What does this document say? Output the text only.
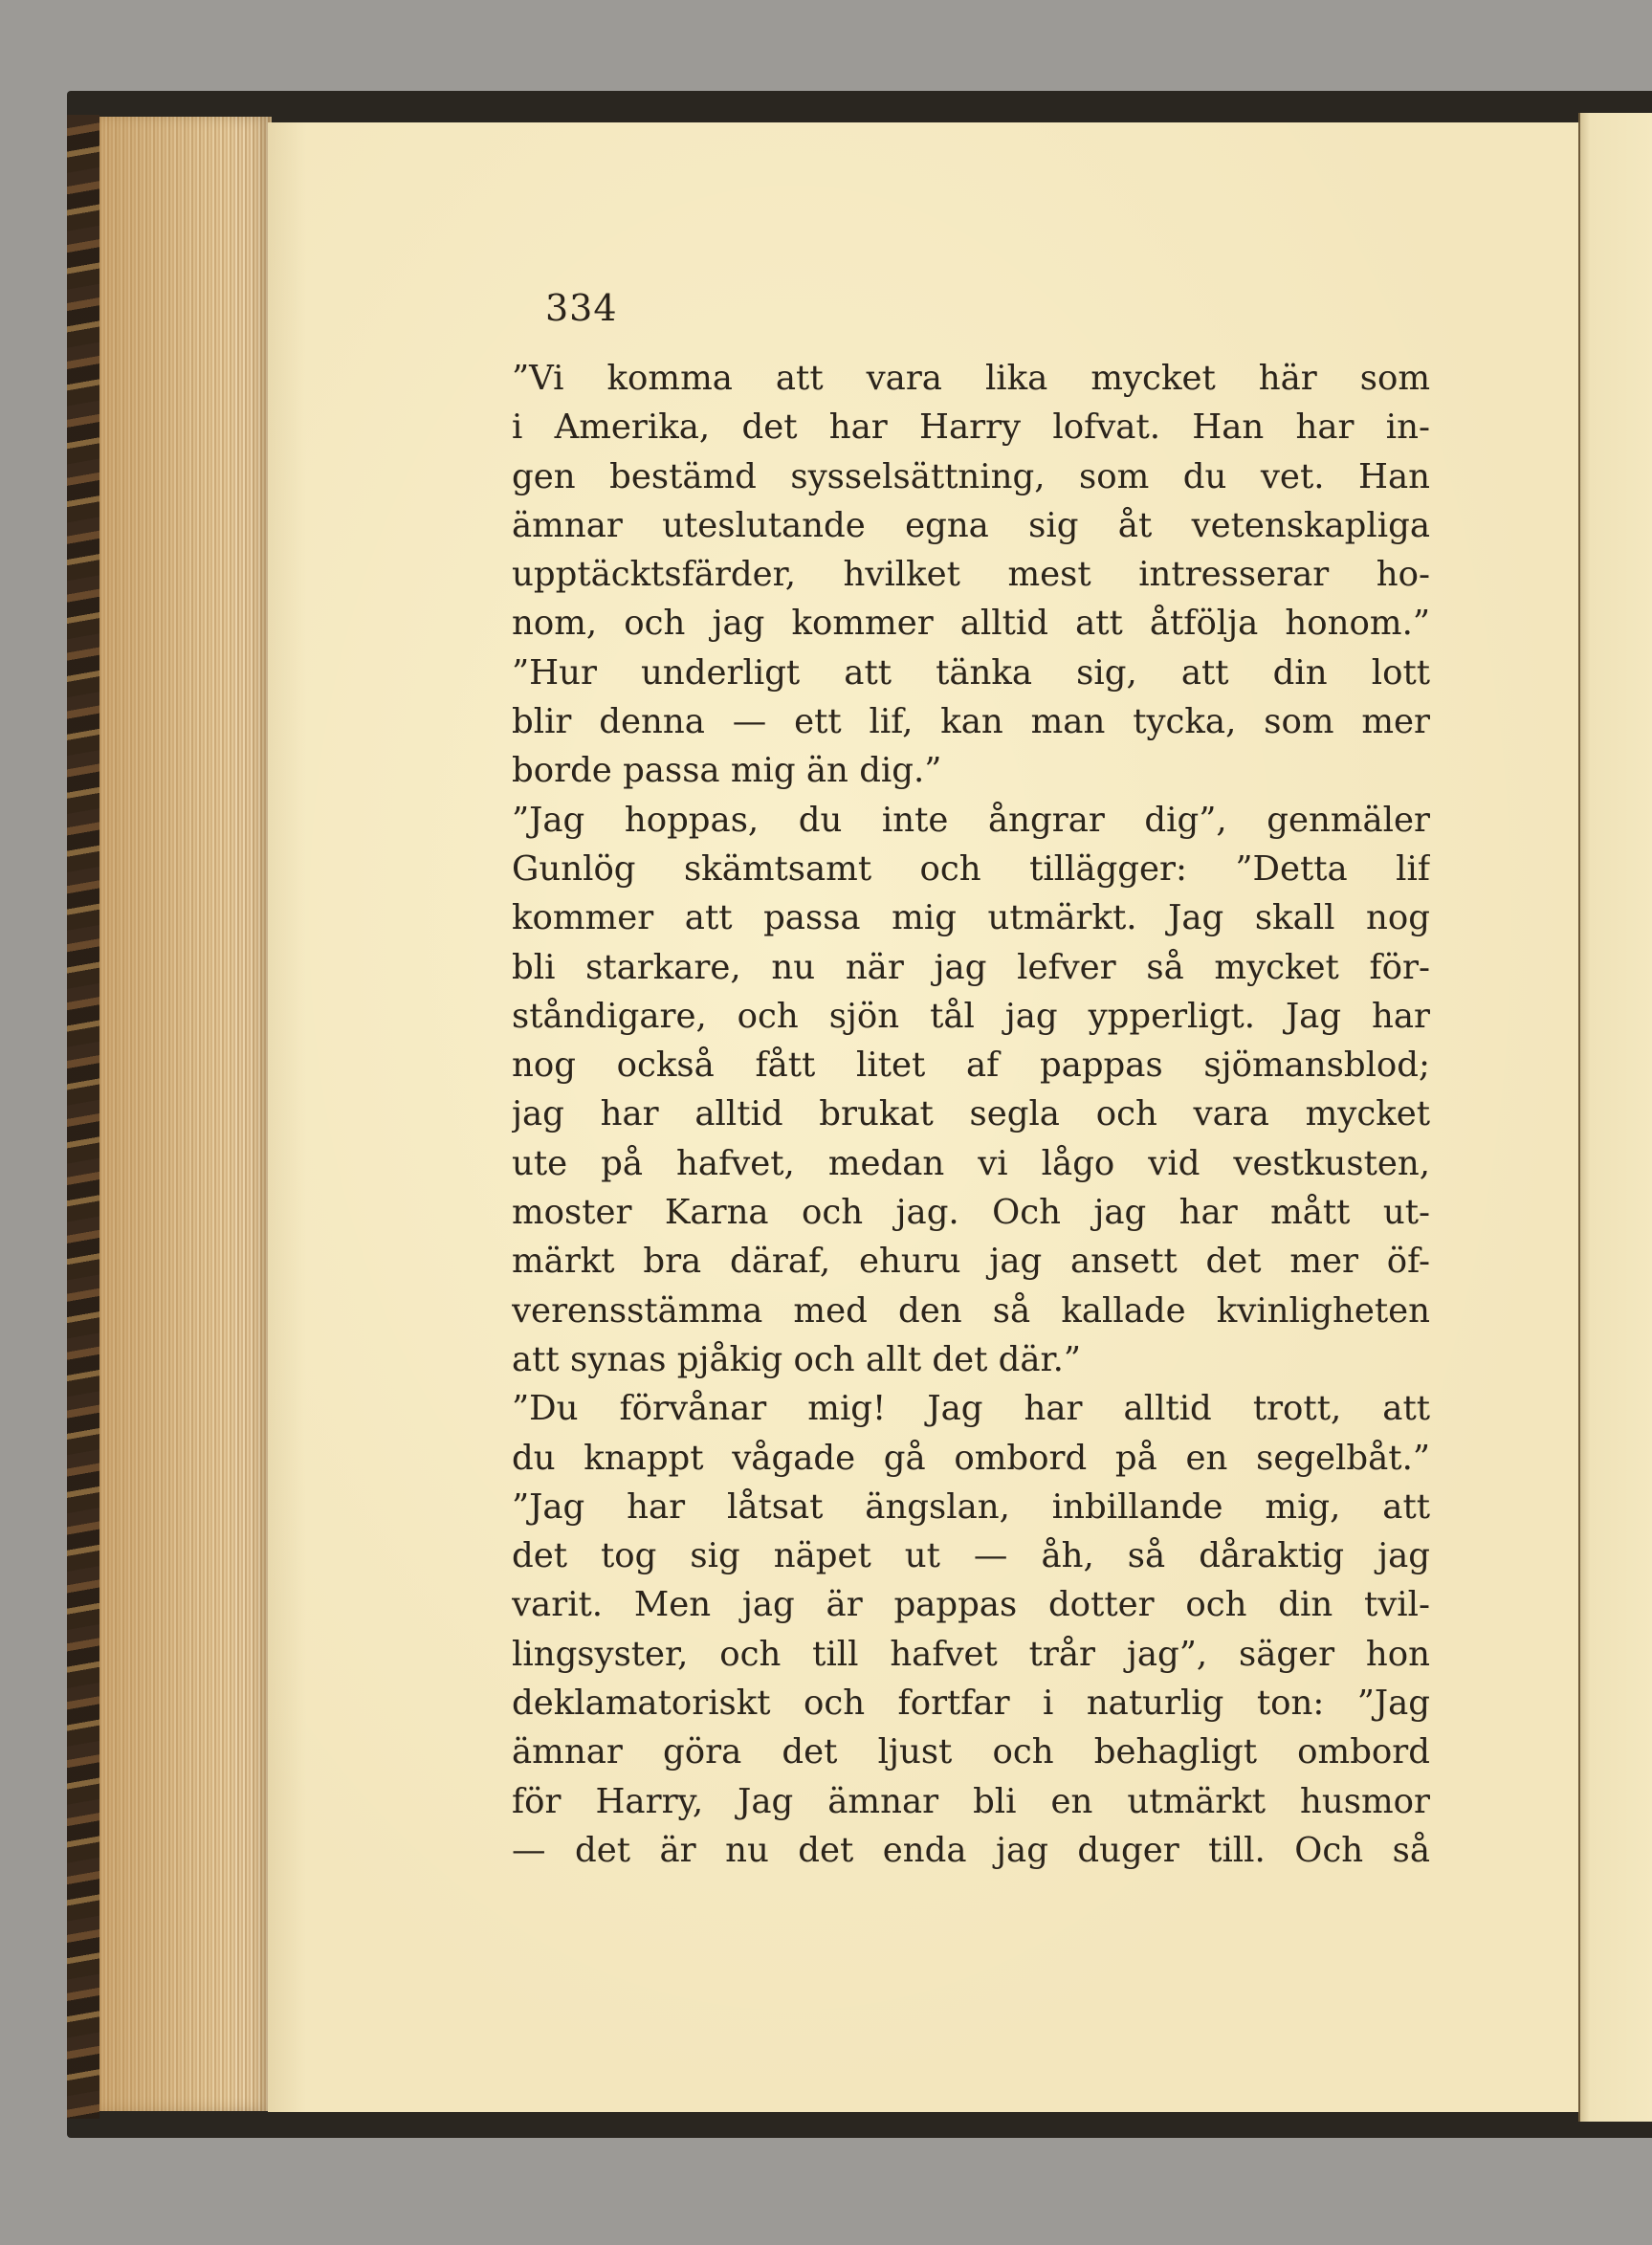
334
”Vi komma att vara lika mycket här som
i Amerika, det har Harry lofvat. Han har in-
gen bestämd sysselsättning, som du vet. Han
ämnar uteslutande egna sig åt vetenskapliga
upptäcktsfärder, hvilket mest intresserar ho-
nom, och jag kommer alltid att åtfölja honom.”
”Hur underligt att tänka sig, att din lott
blir denna — ett lif, kan man tycka, som mer
borde passa mig än dig.”
”Jag hoppas, du inte ångrar dig”, genmäler
Gunlög skämtsamt och tillägger: ”Detta lif
kommer att passa mig utmärkt. Jag skall nog
bli starkare, nu när jag lefver så mycket för-
ståndigare, och sjön tål jag ypperligt. Jag har
nog också fått litet af pappas sjömansblod;
jag har alltid brukat segla och vara mycket
ute på hafvet, medan vi lågo vid vestkusten,
moster Karna och jag. Och jag har mått ut-
märkt bra däraf, ehuru jag ansett det mer öf-
verensstämma med den så kallade kvinligheten
att synas pjåkig och allt det där.”
”Du förvånar mig! Jag har alltid trott, att
du knappt vågade gå ombord på en segelbåt.”
”Jag har låtsat ängslan, inbillande mig, att
det tog sig näpet ut — åh, så dåraktig jag
varit. Men jag är pappas dotter och din tvil-
lingsyster, och till hafvet trår jag”, säger hon
deklamatoriskt och fortfar i naturlig ton: ”Jag
ämnar göra det ljust och behagligt ombord
för Harry, Jag ämnar bli en utmärkt husmor
— det är nu det enda jag duger till. Och så
